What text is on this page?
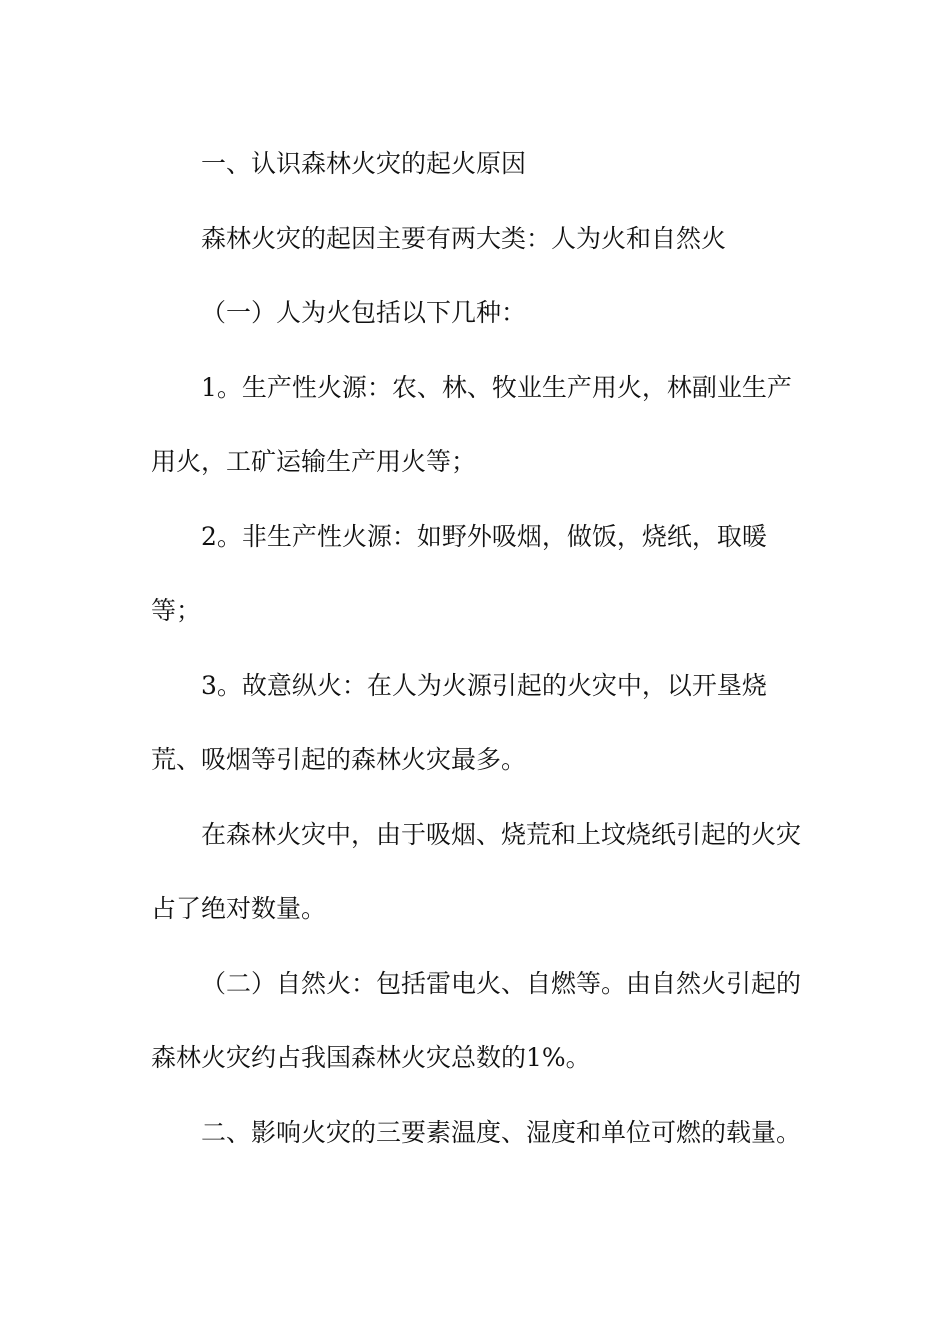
一、认识森林火灾的起火原因

森林火灾的起因主要有两大类：人为火和自然火

（一）人为火包括以下几种：

1。生产性火源：农、林、牧业生产用火，林副业生产用火，工矿运输生产用火等；

2。非生产性火源：如野外吸烟，做饭，烧纸，取暖等；

3。故意纵火：在人为火源引起的火灾中，以开垦烧荒、吸烟等引起的森林火灾最多。

在森林火灾中，由于吸烟、烧荒和上坟烧纸引起的火灾占了绝对数量。

（二）自然火：包括雷电火、自燃等。由自然火引起的森林火灾约占我国森林火灾总数的1%。

二、影响火灾的三要素温度、湿度和单位可燃的载量。
